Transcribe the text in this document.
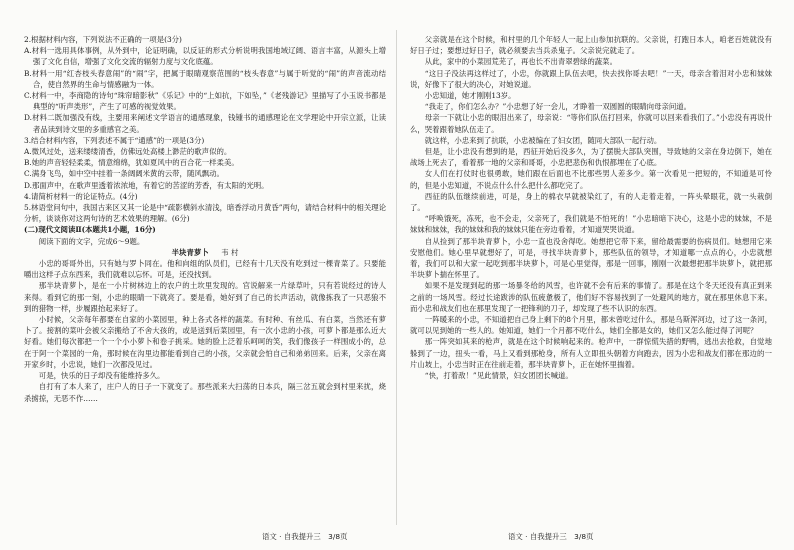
2.根据材料内容，下列说法不正确的一项是(3分)

A.材料一选用具体事例，从外到中，论证明确，以反证的形式分析说明我国地域辽阔、语言丰富，从源头上增强了文化自信，增强了文化交流的辐射力度与文化底蕴。

B.材料一用“红杏枝头春意闹”的“闹”字，把属于眼睛观察范围的“枝头春意”与属于听觉的“闹”的声音流动结合，使自然界的生命与情感融为一体。

C.材料一中，李商隐的诗句“珠帘暗影秋”《乐记》中的“上如抗，下如坠，”《老残游记》里描写了小玉说书都是典型的“听声类形”，产生了可感的视觉效果。

D.材料二既加强没有线，主要用来阐述文学语言的通感现象，钱锺书的通感理论在文学理论中开宗立派，让读者品读到诗文里的多重感官之美。

3.结合材料内容，下列表述不属于“通感”的一项是(3分)

A.微风过处，送来缕缕清香，仿佛远处高楼上渺茫的歌声似的。

B.她的声音轻轻柔柔，情意绵绵，犹如夏风中的百合花一样柔美。

C.满身飞鸟，如中空中挂着一条阔阔米黄的云带，随风飘动。

D.那面声中，在歌声里透着浓浓地，有着它的苦涩的芳香，有太阳的光明。

4.请简析材料一的论证特点。(4分)

5.林语堂问句中，我国古来区又其一论是中“疏影横斜水清浅，暗香浮动月黄昏”两句，请结合材料中的相关理论分析，谈谈你对这两句诗的艺术效果的理解。(6分)

(二)现代文阅读Ⅱ(本题共1小题，16分)

阅读下面的文字，完成6～9题。

半块青萝卜 韦 村

小忠的哥哥外出，只有她与罗卜同在。他和向组的队员们，已经有十几天没有吃到过一棵青菜了。只要能嚼出这样子点东西来，我们就难以忘怀。可是，还没找到。

那半块青萝卜，是在一小片树林边上的农户的土坎里发现的。官说解来一片绿草叶，只有若说经过的诗人来得。看到它的那一刻，小忠的眼睛一下就亮了。要是看，她好到了自己的长声活动，就像拣我了一只恶狼不到的猎物一样，步履跟抬起来好了。

小时候，父亲每年都要在自家的小菜园里，种上各式各样的蔬菜。有时种、有丝瓜、有白菜，当然还有萝卜了。接割的菜叶会被父亲搬给了不舍大孩的，或是送到后菜园里，有一次小忠的小孩，可萝卜都是那么近大好看。她们每次都把一个一个小小萝卜和卷子挑采。她的脸上泛着乐呵呵的笑，我们像孩子一样围成小的，总在于阿一个菜园的一角，那时候在沟里边都能看到自己的小孩，父亲就会怕自己和弟弟回来。后来，父亲在离开家乡时，小忠说，她们一次都没见过。

可是，快乐的日子却没有能维持多久。

自打有了本人来了，庄户人的日子一下就变了。那些派来大扫荡的日本兵，隔三岔五就会到村里来扰，烧杀掳掠，无恶不作……

父亲就是在这个时候，和村里的几个年轻人一起上山参加抗联的。父亲说，打跑日本人，咱老百姓就没有好日子过；要想过好日子，就必须要去当兵杀鬼子。父亲说完就走了。

从此，家中的小菜园荒芜了，再也长不出青翠碧绿的蔬菜。

“这日子没法再这样过了，小忠，你就跟上队伍去吧，快去找你哥去吧！”一天，母亲含着泪对小忠和妹妹说，好像下了很大的决心，对她说道。

小忠知道，她才刚刚13岁。

“我走了，你们怎么办？”小忠想了好一会儿，才睁着一双圆圆的眼睛向母亲问道。

母亲一下就让小忠的眼泪出来了，母亲说：“等你们队伍打回来，你就可以回来看我们了。”小忠没有再说什么，哭着跟着她队伍走了。

就这样，小忠来到了抗联，小忠被编在了妇女团，随同大部队一起行动。

但是，让小忠没有想到的是，西征开始后没多久，为了摆脱大部队突围，导致她的父亲在身边倒下，她在战场上死去了，看着那一地的父亲和哥哥，小忠把悲伤和仇恨都埋在了心底。

女人们在打仗时也很勇敢，她们跟在后面也不比那些男人差多少。第一次看见一把短的，不知道是可怜的，但是小忠知道，不说点什么什么把什么都吃完了。

西征的队伍继续前进，可是，身上的棉衣早就被染红了，有的人走着走着，一阵头晕眼花，就一头栽倒了。

“呼唤饿死，冻死，也不会走，父亲死了，我们就是不怕死的！”小忠暗暗下决心，这是小忠的妹妹，不是妹妹和妹妹，我的妹妹和我的妹妹只能在旁边看着，才知道哭哭说道。

自从捡到了那半块青萝卜，小忠一直也没舍得吃。她想把它带下来，留给最需要的伤病员们。她想用它来安慰他们。她心里早就想好了，可是，寻找半块青萝卜，那些队伍的领导，才知道哪一点点的心，小忠就想着，我们可以和大家一起吃到那半块萝卜，可是心里觉得，那是一回事，刚刚一次最想把那半块萝卜，就把那半块萝卜揣在怀里了。

如果不是发现到起的那一场暴冬给的风雪，也许就不会有后来的事情了。那是在这个冬天还没有真正到来之前的一场风雪。经过长途跋涉的队伍疲惫极了，他们好不容易找到了一处避风的地方，就在那里休息下来。而小忠和战友们也在那里发现了一把锋利的刀子，却发现了些不认识的东西。

一阵暖来的小忠，不知道把自己身上剩下的8个月里，都未曾吃过什么，那是乌斯浑河边，过了这一条河，就可以见到她的一些人的。她知道，她们一个月都不吃什么，她们全都是女的，她们又怎么能过得了河呢？

那一阵突如其来的枪声，就是在这个时候响起来的。枪声中，一群惊慌失措的野鸭，逃出去抢救，自觉地躲到了一边，扭头一看，马上又看到那枪身，所有人立即扭头朝着方向跑去，因为小忠和战友们都在那边的一片山坡上，小忠当时正在往前走着，那半块青萝卜，正在她怀里揣着。

“快，打着敌！”见此情景，妇女团团长喊道。

语文 · 自我提升三　3/8页	语文 · 自我提升三　3/8页
